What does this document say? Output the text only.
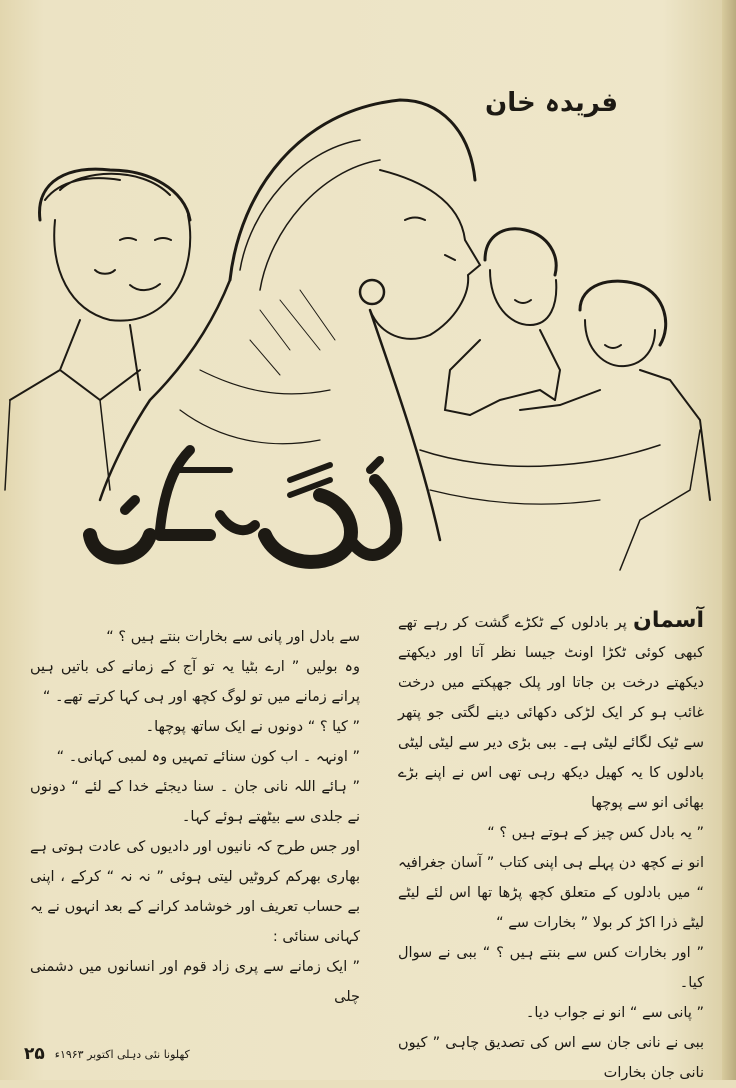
فریدہ خان

آسمان پر بادلوں کے ٹکڑے گشت کر رہے تھے کبھی کوئی ٹکڑا اونٹ جیسا نظر آتا اور دیکھتے دیکھتے درخت بن جاتا اور پلک جھپکتے میں درخت غائب ہو کر ایک لڑکی دکھائی دینے لگتی جو پتھر سے ٹیک لگائے لیٹی ہے۔ ببی بڑی دیر سے لیٹی لیٹی بادلوں کا یہ کھیل دیکھ رہی تھی اس نے اپنے بڑے بھائی انو سے پوچھا

” یہ بادل کس چیز کے ہوتے ہیں ؟ “

انو نے کچھ دن پہلے ہی اپنی کتاب ” آسان جغرافیہ “ میں بادلوں کے متعلق کچھ پڑھا تھا اس لئے لیٹے لیٹے ذرا اکڑ کر بولا ” بخارات سے “

” اور بخارات کس سے بنتے ہیں ؟ “ ببی نے سوال کیا۔

” پانی سے “ انو نے جواب دیا۔

ببی نے نانی جان سے اس کی تصدیق چاہی ” کیوں نانی جان بخارات

سے بادل اور پانی سے بخارات بنتے ہیں ؟ “

وہ بولیں ” ارے بٹیا یہ تو آج کے زمانے کی باتیں ہیں پرانے زمانے میں تو لوگ کچھ اور ہی کہا کرتے تھے۔ “

” کیا ؟ “ دونوں نے ایک ساتھ پوچھا۔

” اونہہ ۔ اب کون سنائے تمہیں وہ لمبی کہانی۔ “

” ہائے اللہ نانی جان ۔ سنا دیجئے خدا کے لئے “ دونوں نے جلدی سے بیٹھتے ہوئے کہا۔

اور جس طرح کہ نانیوں اور دادیوں کی عادت ہوتی ہے بھاری بھرکم کروٹیں لیتی ہوئی ” نہ نہ “ کرکے ، اپنی بے حساب تعریف اور خوشامد کرانے کے بعد انہوں نے یہ کہانی سنائی :

” ایک زمانے سے پری زاد قوم اور انسانوں میں دشمنی چلی

۲۵ کھلونا نئی دہلی اکتوبر ۱۹۶۳ء
